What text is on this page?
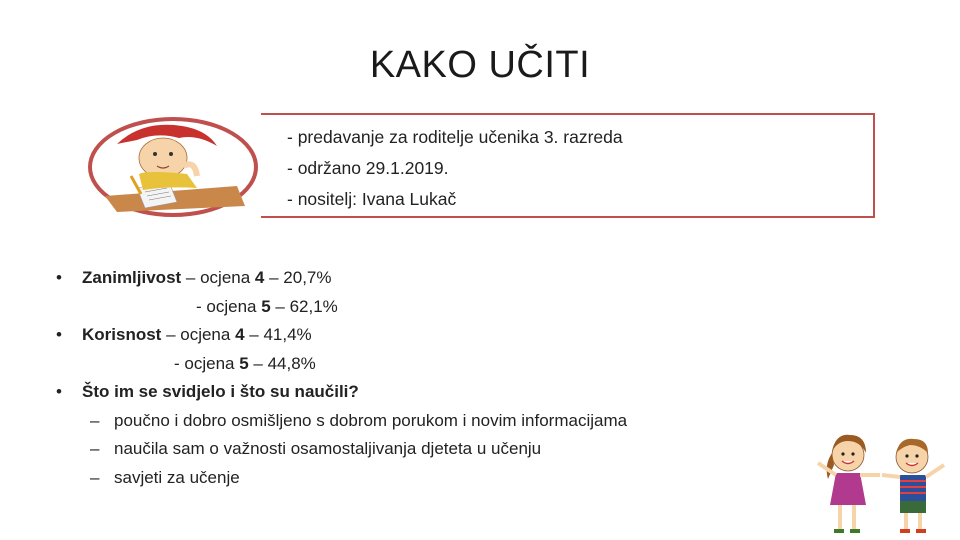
KAKO UČITI
- predavanje za roditelje učenika 3. razreda
- održano 29.1.2019.
- nositelj: Ivana Lukač
•	Zanimljivost – ocjena 4 – 20,7%
- ocjena 5 – 62,1%
•	Korisnost – ocjena 4 – 41,4%
- ocjena 5 – 44,8%
•	Što im se svidjelo i što su naučili?
– poučno i dobro osmišljeno s dobrom porukom i novim informacijama
– naučila sam o važnosti osamostaljivanja djeteta u učenju
– savjeti za učenje
